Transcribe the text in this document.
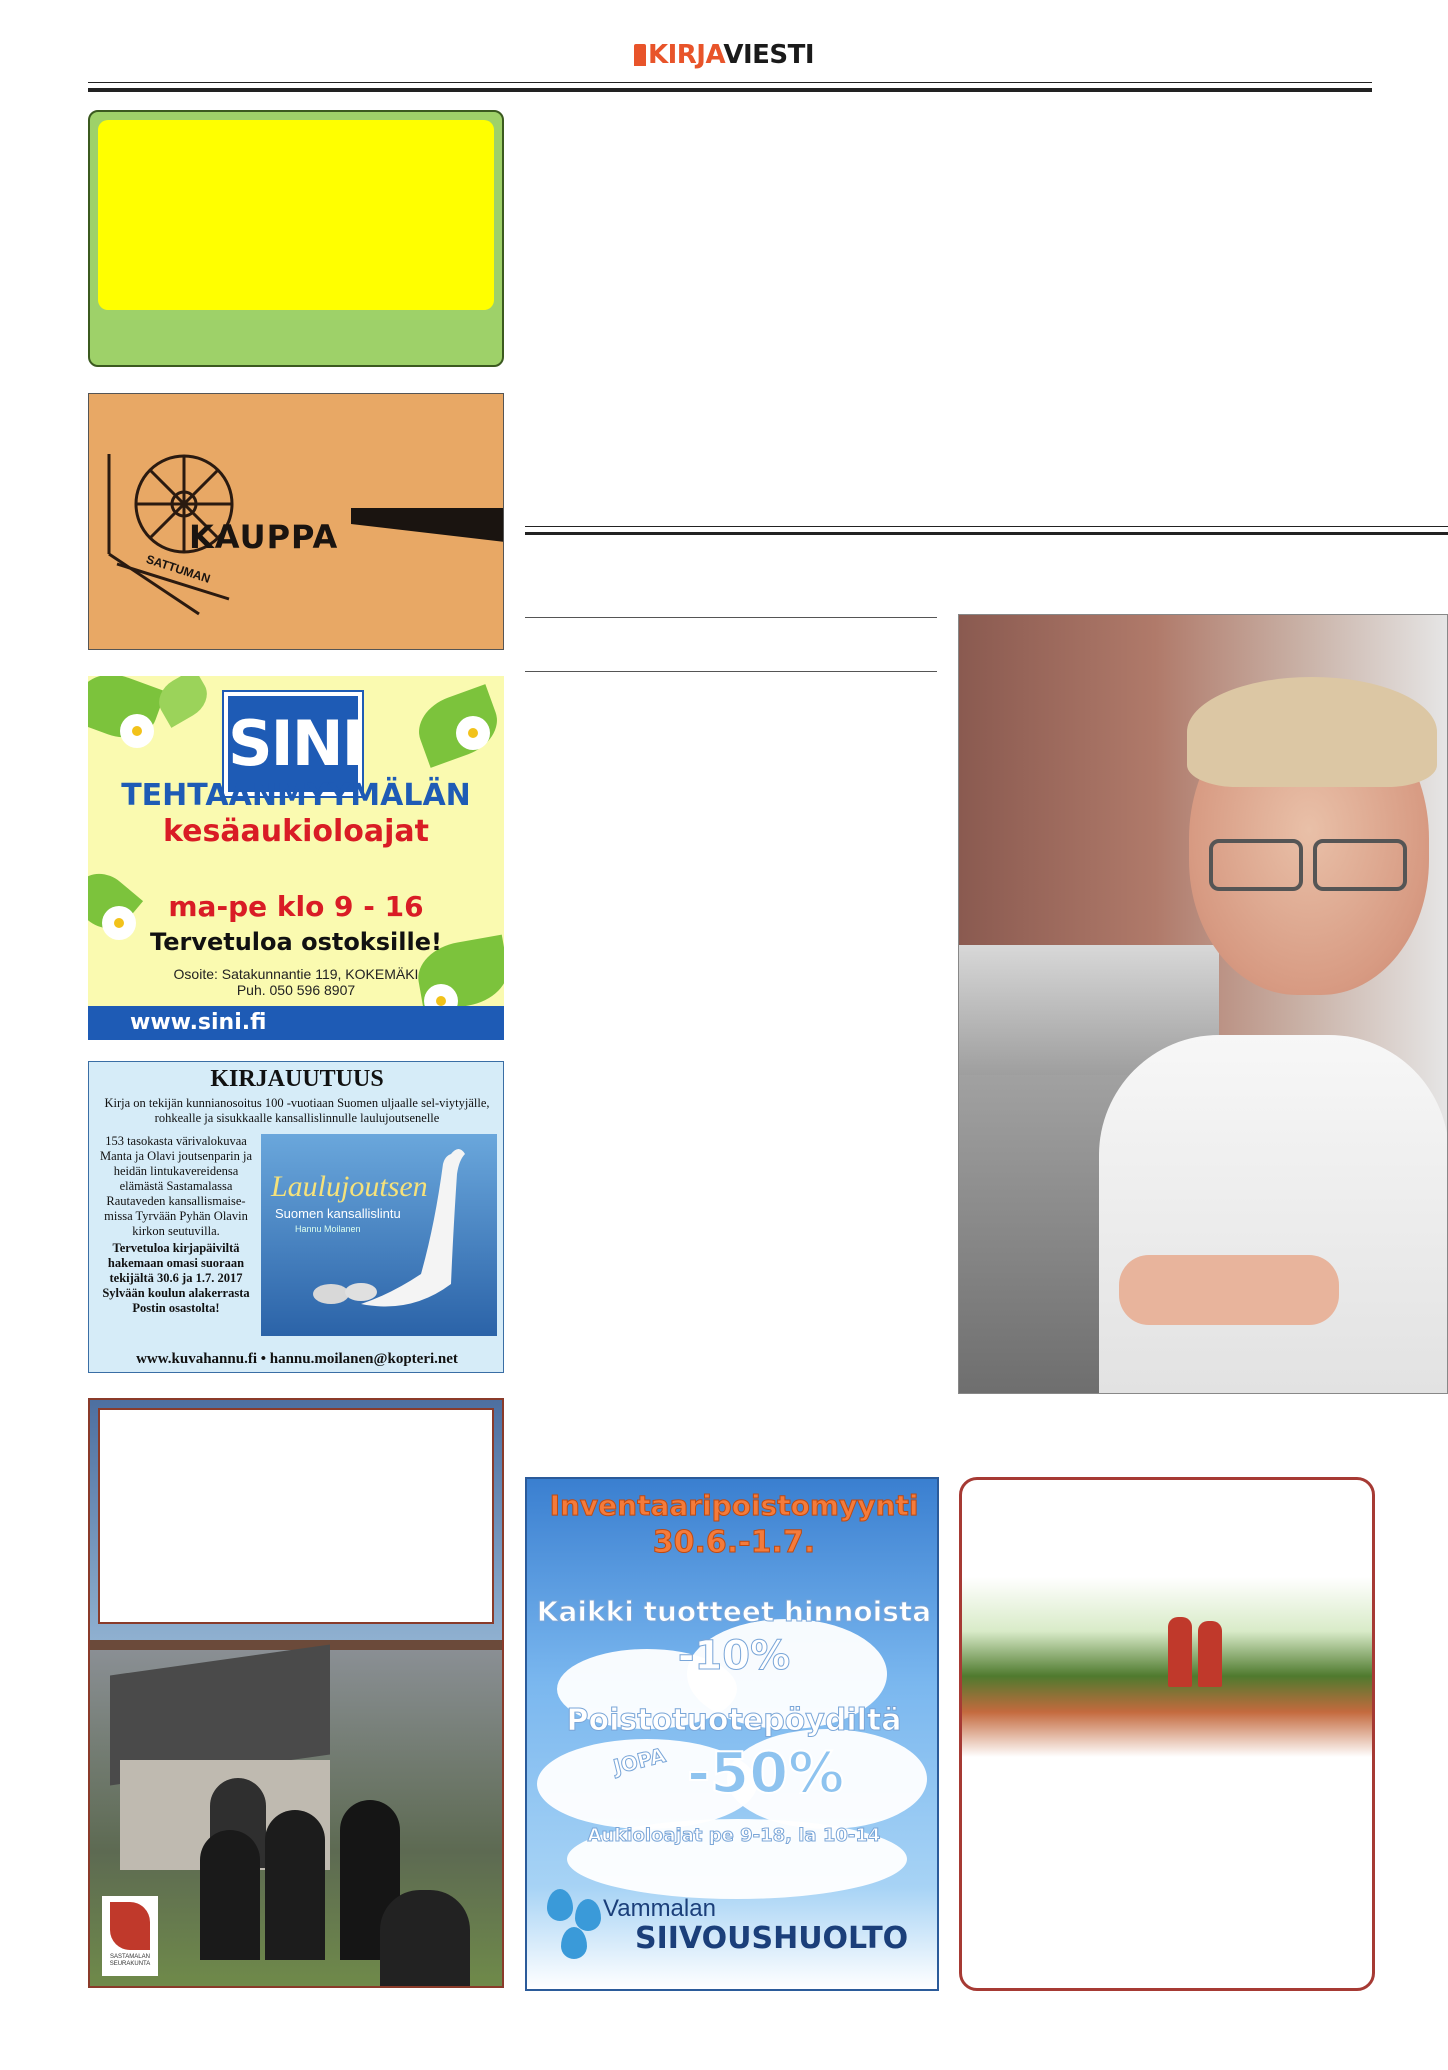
KIRJAVIESTI
KAUPPA
SATTUMAN
SINI
TEHTAANMYYMÄLÄN
kesäaukioloajat
ma-pe klo 9 - 16
Tervetuloa ostoksille!
Osoite: Satakunnantie 119, KOKEMÄKI
Puh. 050 596 8907
www.sini.fi
KIRJAUUTUUS
Kirja on tekijän kunnianosoitus 100 -vuotiaan Suomen uljaalle sel-viytyjälle, rohkealle ja sisukkaalle kansallislinnulle laulujoutsenelle
153 tasokasta värivalokuvaa Manta ja Olavi joutsenparin ja heidän lintukavereidensa elämästä Sastamalassa Rautaveden kansallismaise-missa Tyrvään Pyhän Olavin kirkon seutuvilla.
Tervetuloa kirjapäiviltä hakemaan omasi suoraan tekijältä 30.6 ja 1.7. 2017 Sylvään koulun alakerrasta Postin osastolta!
Laulujoutsen
Suomen kansallislintu
Hannu Moilanen
www.kuvahannu.fi • hannu.moilanen@kopteri.net
SASTAMALAN SEURAKUNTA
Inventaaripoistomyynti
30.6.-1.7.
Kaikki tuotteet hinnoista
-10%
Poistotuotepöydiltä
JOPA -50%
Aukioloajat pe 9-18, la 10-14
Vammalan
SIIVOUSHUOLTO
